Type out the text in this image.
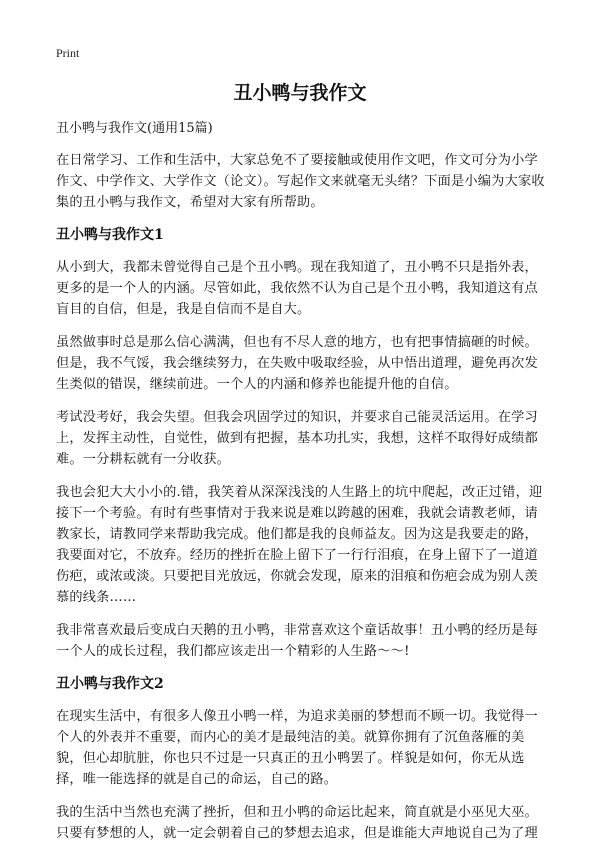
Print
丑小鸭与我作文
丑小鸭与我作文(通用15篇)

在日常学习、工作和生活中，大家总免不了要接触或使用作文吧，作文可分为小学作文、中学作文、大学作文（论文）。写起作文来就毫无头绪？下面是小编为大家收集的丑小鸭与我作文，希望对大家有所帮助。

丑小鸭与我作文1

从小到大，我都未曾觉得自己是个丑小鸭。现在我知道了，丑小鸭不只是指外表，更多的是一个人的内涵。尽管如此，我依然不认为自己是个丑小鸭，我知道这有点盲目的自信，但是，我是自信而不是自大。

虽然做事时总是那么信心满满，但也有不尽人意的地方，也有把事情搞砸的时候。但是，我不气馁，我会继续努力，在失败中吸取经验，从中悟出道理，避免再次发生类似的错误，继续前进。一个人的内涵和修养也能提升他的自信。

考试没考好，我会失望。但我会巩固学过的知识，并要求自己能灵活运用。在学习上，发挥主动性，自觉性，做到有把握，基本功扎实，我想，这样不取得好成绩都难。一分耕耘就有一分收获。

我也会犯大大小小的.错，我笑着从深深浅浅的人生路上的坑中爬起，改正过错，迎接下一个考验。有时有些事情对于我来说是难以跨越的困难，我就会请教老师，请教家长，请教同学来帮助我完成。他们都是我的良师益友。因为这是我要走的路，我要面对它，不放弃。经历的挫折在脸上留下了一行行泪痕，在身上留下了一道道伤疤，或浓或淡。只要把目光放远，你就会发现，原来的泪痕和伤疤会成为别人羡慕的线条……

我非常喜欢最后变成白天鹅的丑小鸭，非常喜欢这个童话故事！丑小鸭的经历是每一个人的成长过程，我们都应该走出一个精彩的人生路～～!

丑小鸭与我作文2

在现实生活中，有很多人像丑小鸭一样，为追求美丽的梦想而不顾一切。我觉得一个人的外表并不重要，而内心的美才是最纯洁的美。就算你拥有了沉鱼落雁的美貌，但心却肮脏，你也只不过是一只真正的丑小鸭罢了。样貌是如何，你无从选择，唯一能选择的就是自己的命运，自己的路。

我的生活中当然也充满了挫折，但和丑小鸭的命运比起来，简直就是小巫见大巫。只要有梦想的人，就一定会朝着自己的梦想去追求，但是谁能大声地说自己为了理
